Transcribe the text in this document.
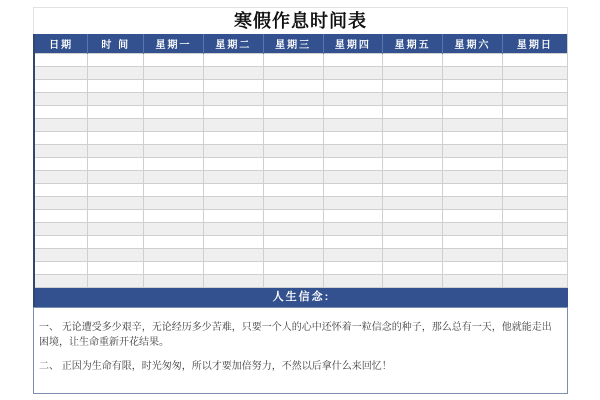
寒假作息时间表
日期	时 间	星期一	星期二	星期三	星期四	星期五	星期六	星期日

人生信念:

一、 无论遭受多少艰辛，无论经历多少苦难，只要一个人的心中还怀着一粒信念的种子，那么总有一天，他就能走出困境，让生命重新开花结果。

二、 正因为生命有限，时光匆匆，所以才要加倍努力，不然以后拿什么来回忆！
